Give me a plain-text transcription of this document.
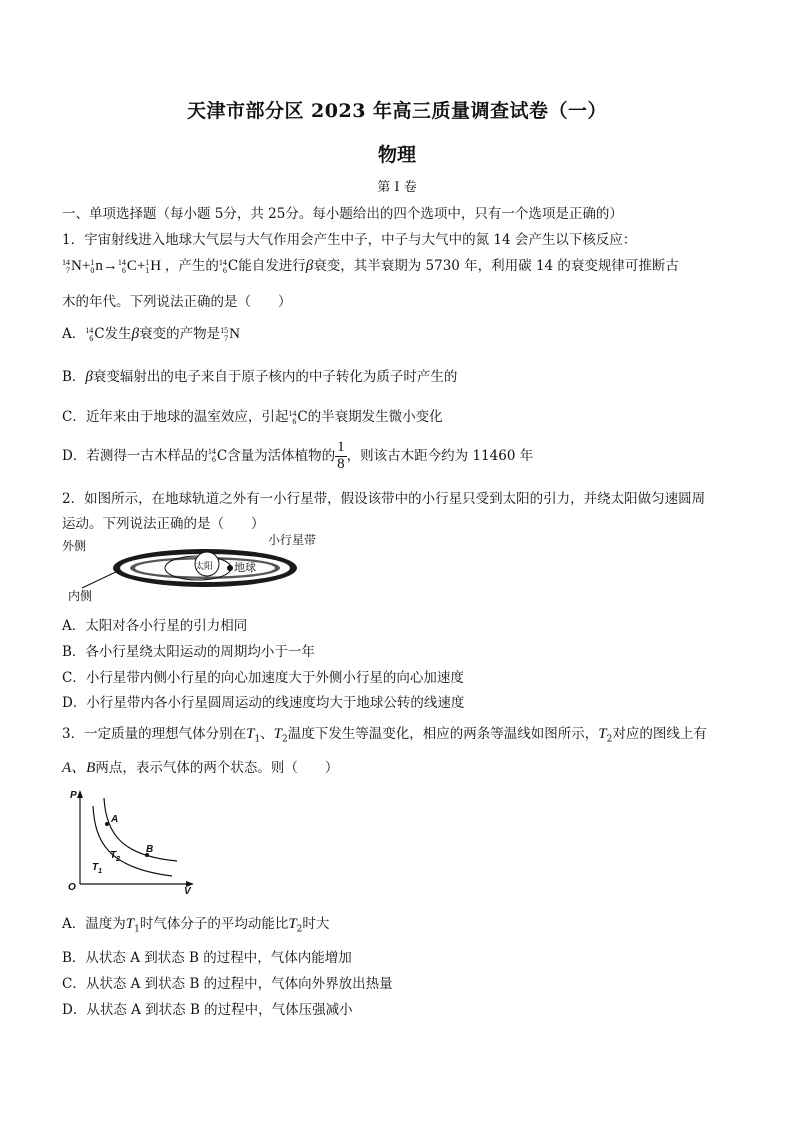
天津市部分区 2023 年高三质量调查试卷（一）
物理
第 I 卷
一、单项选择题（每小题 5分，共 25分。每小题给出的四个选项中，只有一个选项是正确的）
1．宇宙射线进入地球大气层与大气作用会产生中子，中子与大气中的氮 14 会产生以下核反应：
14
7 N+ 1
0 n→ 14
6 C+ 1
1 H ，产生的 14
6 C能自发进行β衰变，其半衰期为 5730 年，利用碳 14 的衰变规律可推断古
木的年代。下列说法正确的是（　　）
A． 14
6 C发生β衰变的产物是 15
7 N
B．β衰变辐射出的电子来自于原子核内的中子转化为质子时产生的
C．近年来由于地球的温室效应，引起 14
6 C的半衰期发生微小变化
D．若测得一古木样品的 14
6 C含量为活体植物的 $\frac{1}{8}$ ，则该古木距今约为 11460 年
2．如图所示，在地球轨道之外有一小行星带，假设该带中的小行星只受到太阳的引力，并绕太阳做匀速圆周
运动。下列说法正确的是（　　）
太阳 地球
外侧
内侧
小行星带
A．太阳对各小行星的引力相同
B．各小行星绕太阳运动的周期均小于一年
C．小行星带内侧小行星的向心加速度大于外侧小行星的向心加速度
D．小行星带内各小行星圆周运动的线速度均大于地球公转的线速度
3．一定质量的理想气体分别在$T_1$、$T_2$温度下发生等温变化，相应的两条等温线如图所示，$T_2$对应的图线上有
A、B两点，表示气体的两个状态。则（　　）
P
V
O
A
B
$T_2$
$T_1$
A．温度为$T_1$时气体分子的平均动能比$T_2$时大
B．从状态 A 到状态 B 的过程中，气体内能增加
C．从状态 A 到状态 B 的过程中，气体向外界放出热量
D．从状态 A 到状态 B 的过程中，气体压强减小
